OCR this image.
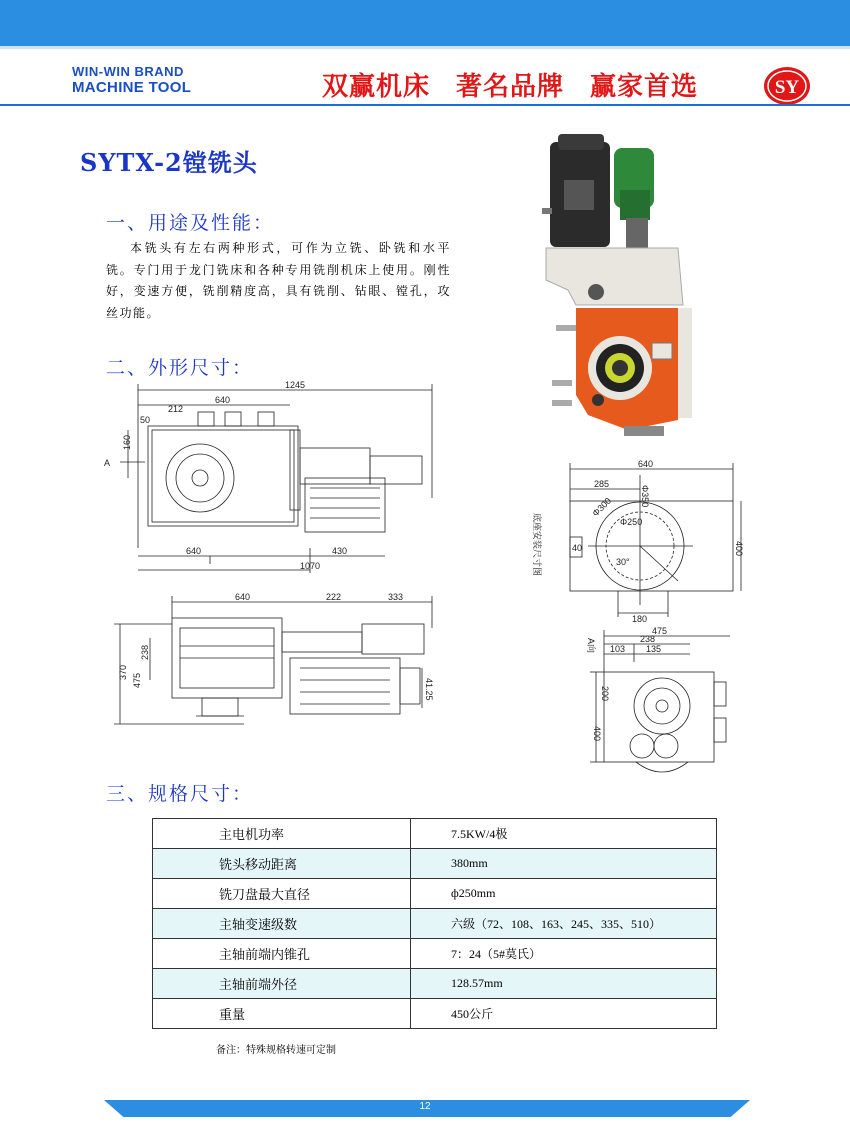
WIN-WIN BRAND
MACHINE TOOL	双赢机床 著名品牌 赢家首选	SY
SYTX-2镗铣头
一、用途及性能：
本铣头有左右两种形式，可作为立铣、卧铣和水平铣。专门用于龙门铣床和各种专用铣削机床上使用。刚性好，变速方便，铣削精度高，具有铣削、钻眼、镗孔，攻丝功能。
二、外形尺寸：
1245
640
212
50
160
A
640	430
1070
640	222	333
238
370
475	41.25
640
285
Φ350
Φ300
Φ250
40	400
180
30°
底座安装尺寸图
475
238
103 135
A向
200
400
三、规格尺寸：
主电机功率	7.5KW/4极
铣头移动距离	380mm
铣刀盘最大直径	ф250mm
主轴变速级数	六级（72、108、163、245、335、510）
主轴前端内锥孔	7：24（5#莫氏）
主轴前端外径	128.57mm
重量	450公斤
备注：特殊规格转速可定制
12
